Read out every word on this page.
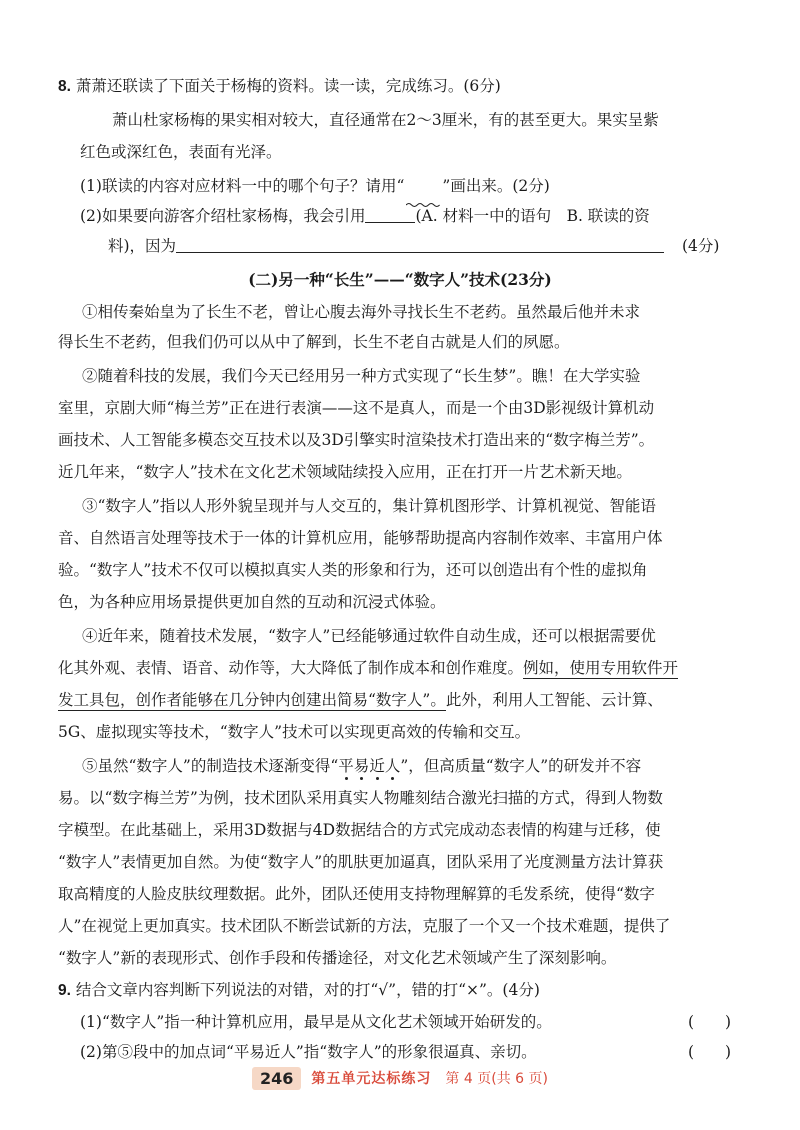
8. 萧萧还联读了下面关于杨梅的资料。读一读，完成练习。(6分)
萧山杜家杨梅的果实相对较大，直径通常在2～3厘米，有的甚至更大。果实呈紫
红色或深红色，表面有光泽。
(1)联读的内容对应材料一中的哪个句子？请用“ ”画出来。(2分)
(2)如果要向游客介绍杜家杨梅，我会引用	(A. 材料一中的语句　B. 联读的资
料)，因为	(4分)
(二)另一种“长生”——“数字人”技术(23分)
①相传秦始皇为了长生不老，曾让心腹去海外寻找长生不老药。虽然最后他并未求
得长生不老药，但我们仍可以从中了解到，长生不老自古就是人们的夙愿。
②随着科技的发展，我们今天已经用另一种方式实现了“长生梦”。瞧！在大学实验
室里，京剧大师“梅兰芳”正在进行表演——这不是真人，而是一个由3D影视级计算机动
画技术、人工智能多模态交互技术以及3D引擎实时渲染技术打造出来的“数字梅兰芳”。
近几年来，“数字人”技术在文化艺术领域陆续投入应用，正在打开一片艺术新天地。
③“数字人”指以人形外貌呈现并与人交互的，集计算机图形学、计算机视觉、智能语
音、自然语言处理等技术于一体的计算机应用，能够帮助提高内容制作效率、丰富用户体
验。“数字人”技术不仅可以模拟真实人类的形象和行为，还可以创造出有个性的虚拟角
色，为各种应用场景提供更加自然的互动和沉浸式体验。
④近年来，随着技术发展，“数字人”已经能够通过软件自动生成，还可以根据需要优
化其外观、表情、语音、动作等，大大降低了制作成本和创作难度。例如，使用专用软件开
发工具包，创作者能够在几分钟内创建出简易“数字人”。此外，利用人工智能、云计算、
5G、虚拟现实等技术，“数字人”技术可以实现更高效的传输和交互。
⑤虽然“数字人”的制造技术逐渐变得“平易近人”，但高质量“数字人”的研发并不容
易。以“数字梅兰芳”为例，技术团队采用真实人物雕刻结合激光扫描的方式，得到人物数
字模型。在此基础上，采用3D数据与4D数据结合的方式完成动态表情的构建与迁移，使
“数字人”表情更加自然。为使“数字人”的肌肤更加逼真，团队采用了光度测量方法计算获
取高精度的人脸皮肤纹理数据。此外，团队还使用支持物理解算的毛发系统，使得“数字
人”在视觉上更加真实。技术团队不断尝试新的方法，克服了一个又一个技术难题，提供了
“数字人”新的表现形式、创作手段和传播途径，对文化艺术领域产生了深刻影响。
9. 结合文章内容判断下列说法的对错，对的打“√”，错的打“×”。(4分)
(1)“数字人”指一种计算机应用，最早是从文化艺术领域开始研发的。	(　　)
(2)第⑤段中的加点词“平易近人”指“数字人”的形象很逼真、亲切。	(　　)
246	第五单元达标练习 第 4 页(共 6 页)
